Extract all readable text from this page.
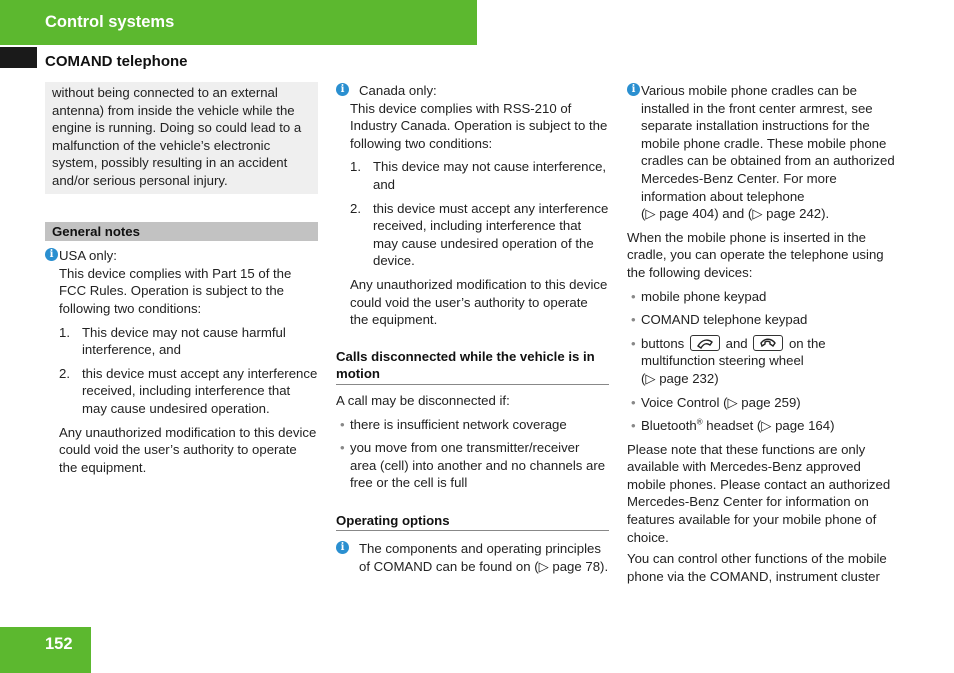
Control systems
COMAND telephone
without being connected to an external antenna) from inside the vehicle while the engine is running. Doing so could lead to a malfunction of the vehicle’s electronic system, possibly resulting in an accident and/or serious personal injury.
General notes
i USA only:
This device complies with Part 15 of the FCC Rules. Operation is subject to the following two conditions:
1. This device may not cause harmful interference, and
2. this device must accept any interference received, including interference that may cause undesired operation.
Any unauthorized modification to this device could void the user’s authority to operate the equipment.
i	Canada only:
This device complies with RSS-210 of Industry Canada. Operation is subject to the following two conditions:
1. This device may not cause interference, and
2. this device must accept any interference received, including interference that may cause undesired operation of the device.
Any unauthorized modification to this device could void the user’s authority to operate the equipment.
Calls disconnected while the vehicle is in motion
A call may be disconnected if:
• there is insufficient network coverage
• you move from one transmitter/receiver area (cell) into another and no channels are free or the cell is full
Operating options
i	The components and operating principles of COMAND can be found on (▷ page 78).
i Various mobile phone cradles can be installed in the front center armrest, see separate installation instructions for the mobile phone cradle. These mobile phone cradles can be obtained from an authorized Mercedes-Benz Center. For more information about telephone
(▷ page 404) and (▷ page 242).
When the mobile phone is inserted in the cradle, you can operate the telephone using the following devices:
• mobile phone keypad
• COMAND telephone keypad
• buttons	and	on the
multifunction steering wheel
(▷ page 232)
• Voice Control (▷ page 259)
• Bluetooth® headset (▷ page 164)
Please note that these functions are only available with Mercedes-Benz approved mobile phones. Please contact an authorized Mercedes-Benz Center for information on features available for your mobile phone of choice.
You can control other functions of the mobile phone via the COMAND, instrument cluster
152
